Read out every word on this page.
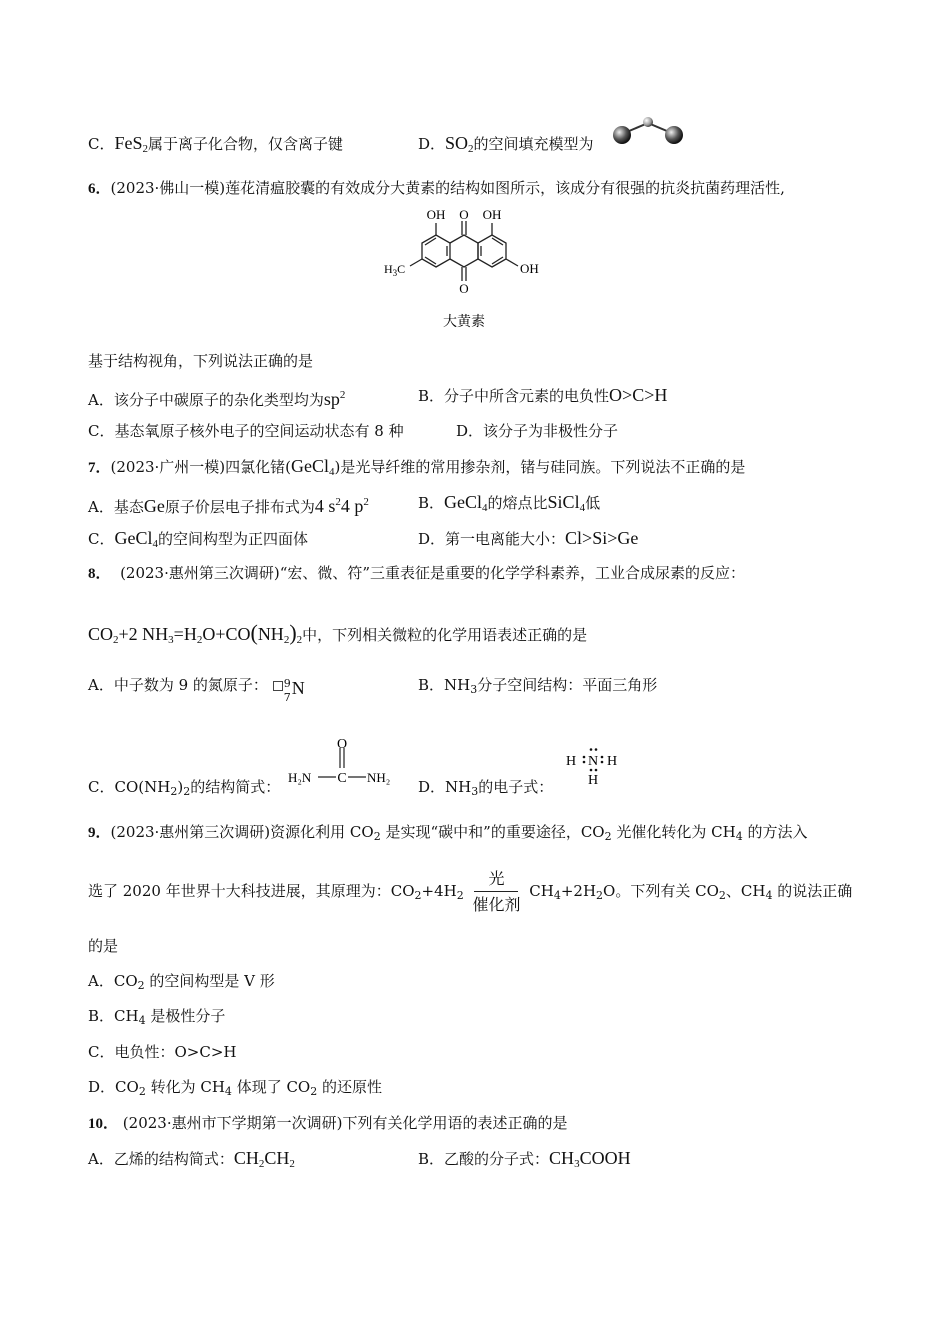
C．FeS$_2$属于离子化合物，仅含离子键	D．$SO_2$的空间填充模型为
6．(2023·佛山一模)莲花清瘟胶囊的有效成分大黄素的结构如图所示，该成分有很强的抗炎抗菌药理活性,
OH O OH
OH
O
$H_3C$
大黄素
基于结构视角，下列说法正确的是
A．该分子中碳原子的杂化类型均为$sp^2$	B．分子中所含元素的电负性O>C>H
C．基态氧原子核外电子的空间运动状态有 8 种	D．该分子为非极性分子
7．(2023·广州一模)四氯化锗(GeCl$_4$)是光导纤维的常用掺杂剂，锗与硅同族。下列说法不正确的是
A．基态Ge原子价层电子排布式为4 $s^24$ $p^2$	B．GeCl$_4$的熔点比SiCl$_4$低
C．GeCl$_4$的空间构型为正四面体	D．第一电离能大小：Cl>Si>Ge
8． (2023·惠州第三次调研)“宏、微、符”三重表征是重要的化学学科素养，工业合成尿素的反应：
$CO_2+2$ $NH_3=H_2O+CO(NH_2)_2$中，下列相关微粒的化学用语表述正确的是
A．中子数为 9 的氮原子： 9
7 N	B．$NH_3$分子空间结构：平面三角形
O
C
H₂N	NH₂
C．$CO(NH_2)_2$的结构简式：	D．$NH_3$的电子式：
H N H
H
9．(2023·惠州第三次调研)资源化利用 $CO_2$ 是实现“碳中和”的重要途径，$CO_2$ 光催化转化为 $CH_4$ 的方法入
选了 2020 年世界十大科技进展，其原理为：$CO_2+4H_2$
光
催化剂
$CH_4+2H_2O$。下列有关 $CO_2$、$CH_4$ 的说法正确
的是
A．$CO_2$ 的空间构型是 V 形
B．$CH_4$ 是极性分子
C．电负性：O>C>H
D．$CO_2$ 转化为 $CH_4$ 体现了 $CO_2$ 的还原性
10． (2023·惠州市下学期第一次调研)下列有关化学用语的表述正确的是
A．乙烯的结构简式：$CH_2CH_2$	B．乙酸的分子式：$CH_3COOH$
